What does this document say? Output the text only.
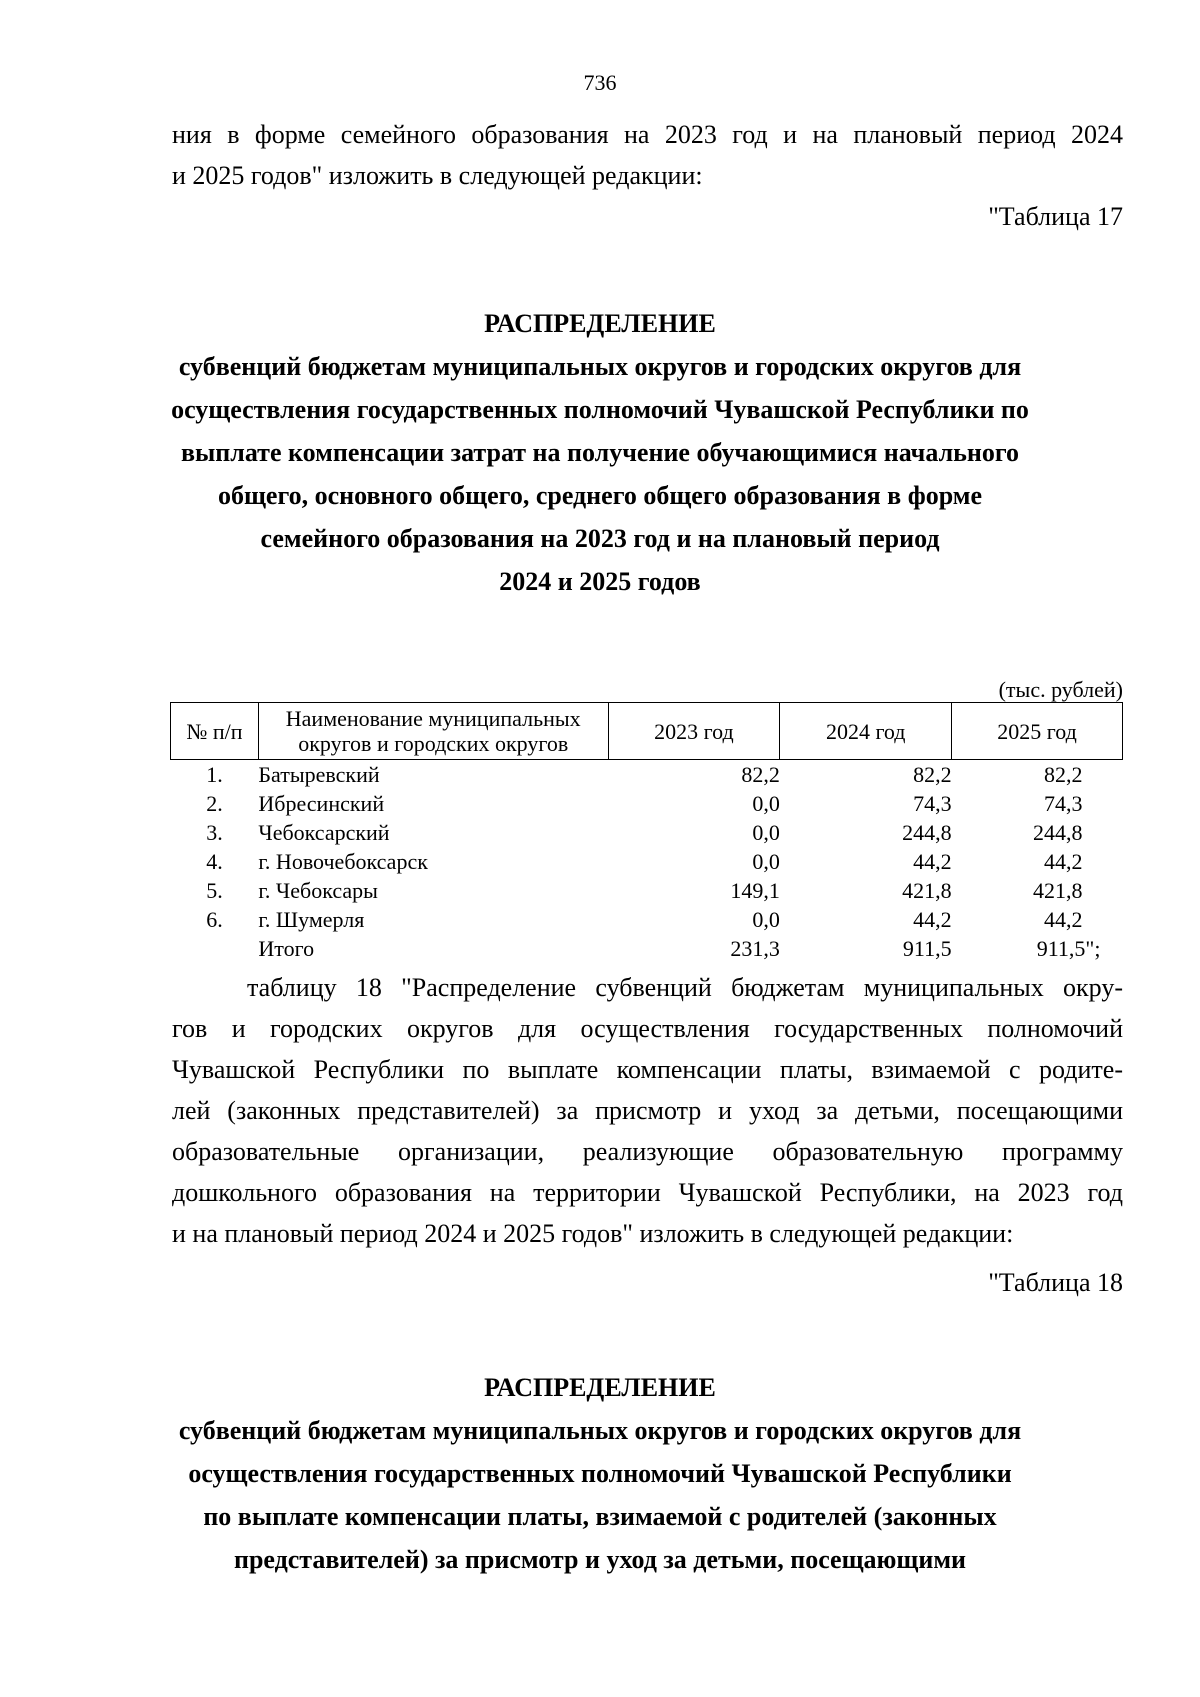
736
ния в форме семейного образования на 2023 год и на плановый период 2024
и 2025 годов" изложить в следующей редакции:
"Таблица 17
РАСПРЕДЕЛЕНИЕ
субвенций бюджетам муниципальных округов и городских округов для
осуществления государственных полномочий Чувашской Республики по
выплате компенсации затрат на получение обучающимися начального
общего, основного общего, среднего общего образования в форме
семейного образования на 2023 год и на плановый период
2024 и 2025 годов
(тыс. рублей)
№ п/п	Наименование муниципальных округов и городских округов	2023 год	2024 год	2025 год
1.	Батыревский	82,2	82,2	82,2
2.	Ибресинский	0,0	74,3	74,3
3.	Чебоксарский	0,0	244,8	244,8
4.	г. Новочебоксарск	0,0	44,2	44,2
5.	г. Чебоксары	149,1	421,8	421,8
6.	г. Шумерля	0,0	44,2	44,2
	Итого	231,3	911,5	911,5";
таблицу 18 "Распределение субвенций бюджетам муниципальных окру-
гов и городских округов для осуществления государственных полномочий
Чувашской Республики по выплате компенсации платы, взимаемой с родите-
лей (законных представителей) за присмотр и уход за детьми, посещающими
образовательные организации, реализующие образовательную программу
дошкольного образования на территории Чувашской Республики, на 2023 год
и на плановый период 2024 и 2025 годов" изложить в следующей редакции:
"Таблица 18
РАСПРЕДЕЛЕНИЕ
субвенций бюджетам муниципальных округов и городских округов для
осуществления государственных полномочий Чувашской Республики
по выплате компенсации платы, взимаемой с родителей (законных
представителей) за присмотр и уход за детьми, посещающими
